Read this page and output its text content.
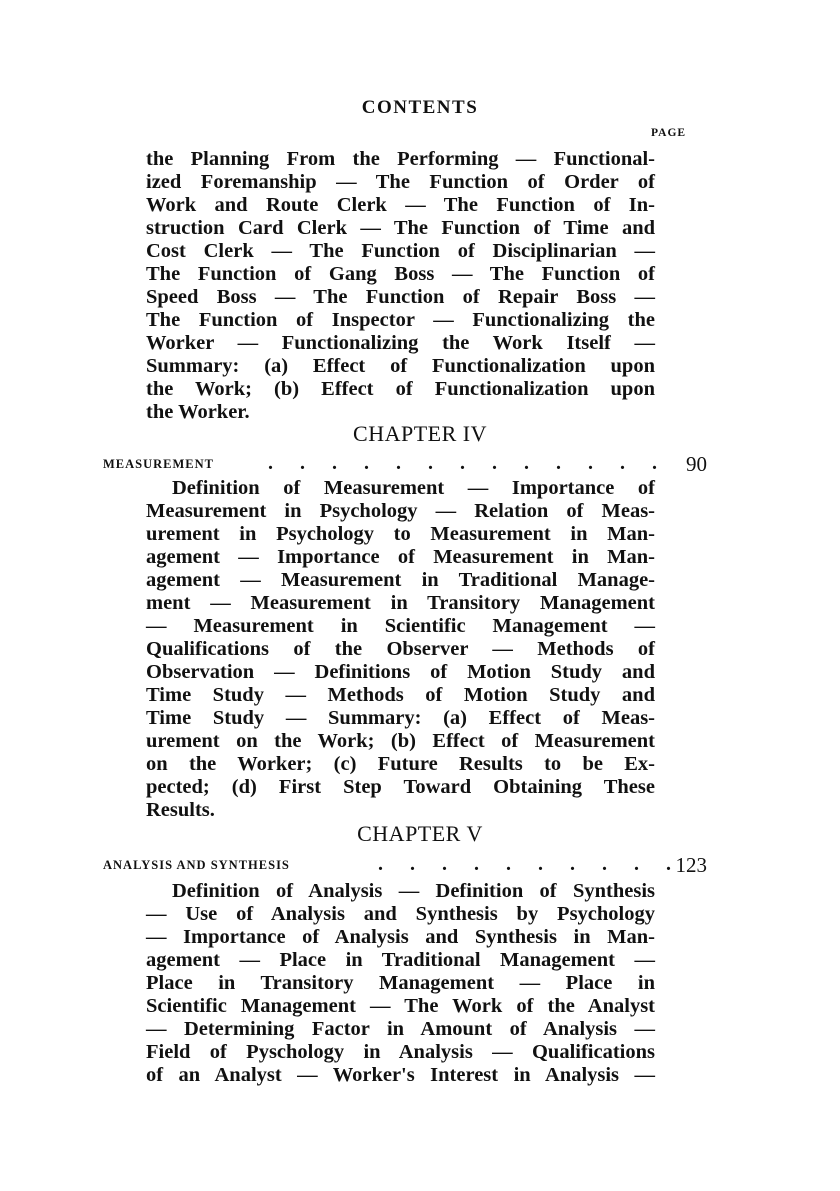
CONTENTS
PAGE
the Planning From the Performing — Functional-
ized Foremanship — The Function of Order of
Work and Route Clerk — The Function of In-
struction Card Clerk — The Function of Time and
Cost Clerk — The Function of Disciplinarian —
The Function of Gang Boss — The Function of
Speed Boss — The Function of Repair Boss —
The Function of Inspector — Functionalizing the
Worker — Functionalizing the Work Itself —
Summary: (a) Effect of Functionalization upon
the Work; (b) Effect of Functionalization upon
the Worker.
CHAPTER IV
. . . . . . . . . . . . .
MEASUREMENT	90
Definition of Measurement — Importance of
Measurement in Psychology — Relation of Meas-
urement in Psychology to Measurement in Man-
agement — Importance of Measurement in Man-
agement — Measurement in Traditional Manage-
ment — Measurement in Transitory Management
— Measurement in Scientific Management —
Qualifications of the Observer — Methods of
Observation — Definitions of Motion Study and
Time Study — Methods of Motion Study and
Time Study — Summary: (a) Effect of Meas-
urement on the Work; (b) Effect of Measurement
on the Worker; (c) Future Results to be Ex-
pected; (d) First Step Toward Obtaining These
Results.
CHAPTER V
. . . . . . . . . .
ANALYSIS AND SYNTHESIS	123
Definition of Analysis — Definition of Synthesis
— Use of Analysis and Synthesis by Psychology
— Importance of Analysis and Synthesis in Man-
agement — Place in Traditional Management —
Place in Transitory Management — Place in
Scientific Management — The Work of the Analyst
— Determining Factor in Amount of Analysis —
Field of Pyschology in Analysis — Qualifications
of an Analyst — Worker's Interest in Analysis —
